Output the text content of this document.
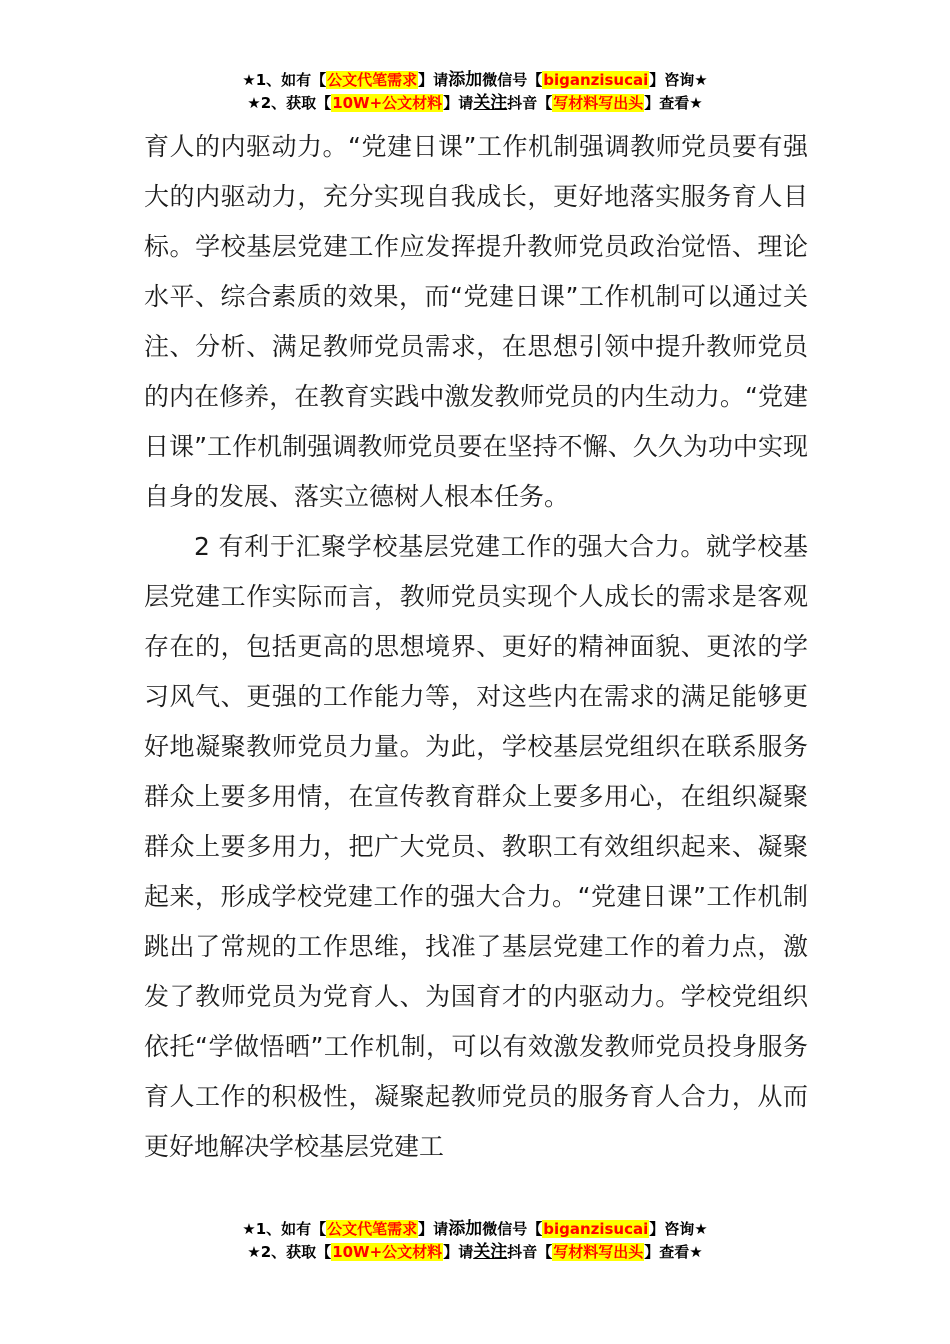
★1、如有【公文代笔需求】请添加微信号【biganzisucai】咨询★
★2、获取【10W+公文材料】请关注抖音【写材料写出头】查看★

育人的内驱动力。“党建日课”工作机制强调教师党员要有强大的内驱动力，充分实现自我成长，更好地落实服务育人目标。学校基层党建工作应发挥提升教师党员政治觉悟、理论水平、综合素质的效果，而“党建日课”工作机制可以通过关注、分析、满足教师党员需求，在思想引领中提升教师党员的内在修养，在教育实践中激发教师党员的内生动力。“党建日课”工作机制强调教师党员要在坚持不懈、久久为功中实现自身的发展、落实立德树人根本任务。

2 有利于汇聚学校基层党建工作的强大合力。就学校基层党建工作实际而言，教师党员实现个人成长的需求是客观存在的，包括更高的思想境界、更好的精神面貌、更浓的学习风气、更强的工作能力等，对这些内在需求的满足能够更好地凝聚教师党员力量。为此，学校基层党组织在联系服务群众上要多用情，在宣传教育群众上要多用心，在组织凝聚群众上要多用力，把广大党员、教职工有效组织起来、凝聚起来，形成学校党建工作的强大合力。“党建日课”工作机制跳出了常规的工作思维，找准了基层党建工作的着力点，激发了教师党员为党育人、为国育才的内驱动力。学校党组织依托“学做悟晒”工作机制，可以有效激发教师党员投身服务育人工作的积极性，凝聚起教师党员的服务育人合力，从而更好地解决学校基层党建工

★1、如有【公文代笔需求】请添加微信号【biganzisucai】咨询★
★2、获取【10W+公文材料】请关注抖音【写材料写出头】查看★
